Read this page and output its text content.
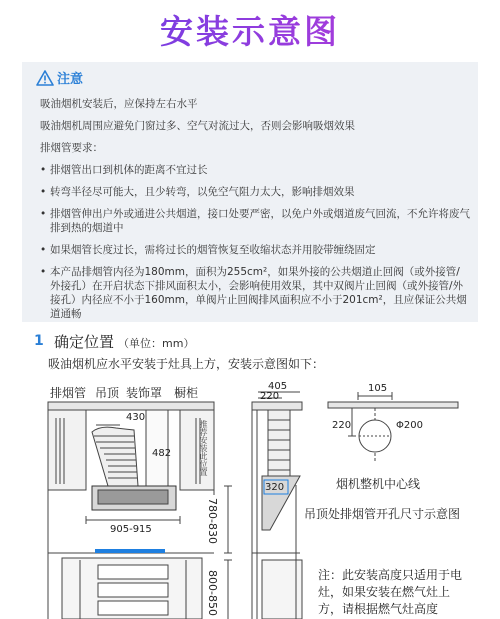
安装示意图
注意
吸油烟机安装后，应保持左右水平
吸油烟机周围应避免门窗过多、空气对流过大，否则会影响吸烟效果
排烟管要求：
• 排烟管出口到机体的距离不宜过长
• 转弯半径尽可能大，且少转弯，以免空气阻力太大，影响排烟效果
• 排烟管伸出户外或通进公共烟道，接口处要严密，以免户外或烟道废气回流，不允许将废气排到热的烟道中
• 如果烟管长度过长，需将过长的烟管恢复至收缩状态并用胶带缠绕固定
• 本产品排烟管内径为180mm，面积为255cm²，如果外接的公共烟道止回阀（或外接管/外接孔）在开启状态下排风面积太小，会影响使用效果，其中双阀片止回阀（或外接管/外接孔）内径应不小于160mm，单阀片止回阀排风面积应不小于201cm²，且应保证公共烟道通畅
1 确定位置 （单位：mm）
吸油烟机应水平安装于灶具上方，安装示意图如下：
排烟管 吊顶 装饰罩 橱柜
430
482
905-915
推荐安装此位置
780-830
800-850
405
220
320
105
220	Φ200
烟机整机中心线
吊顶处排烟管开孔尺寸示意图
注：此安装高度只适用于电灶，如果安装在燃气灶上方，请根据燃气灶高度
